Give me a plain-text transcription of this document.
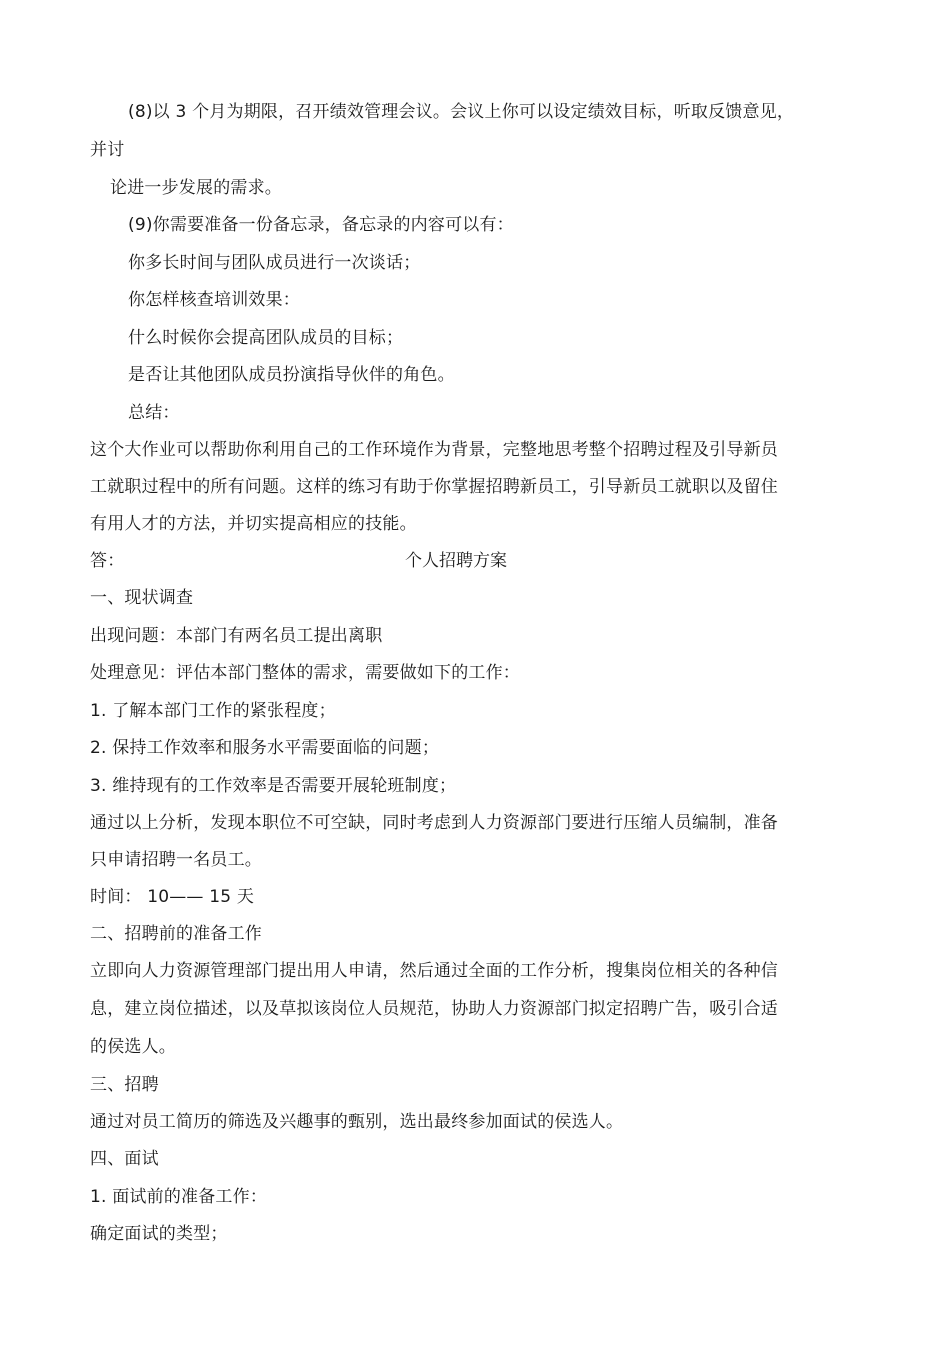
(8)以 3 个月为期限，召开绩效管理会议。会议上你可以设定绩效目标，听取反馈意见，
并讨
论进一步发展的需求。
(9)你需要准备一份备忘录，备忘录的内容可以有：
你多长时间与团队成员进行一次谈话；
你怎样核查培训效果：
什么时候你会提高团队成员的目标；
是否让其他团队成员扮演指导伙伴的角色。
总结：
这个大作业可以帮助你利用自己的工作环境作为背景，完整地思考整个招聘过程及引导新员
工就职过程中的所有问题。这样的练习有助于你掌握招聘新员工，引导新员工就职以及留住
有用人才的方法，并切实提高相应的技能。
答：	个人招聘方案
一、现状调查
出现问题：本部门有两名员工提出离职
处理意见：评估本部门整体的需求，需要做如下的工作：
1. 了解本部门工作的紧张程度；
2. 保持工作效率和服务水平需要面临的问题；
3. 维持现有的工作效率是否需要开展轮班制度；
通过以上分析，发现本职位不可空缺，同时考虑到人力资源部门要进行压缩人员编制，准备
只申请招聘一名员工。
时间： 10—— 15 天
二、招聘前的准备工作
立即向人力资源管理部门提出用人申请，然后通过全面的工作分析，搜集岗位相关的各种信
息，建立岗位描述，以及草拟该岗位人员规范，协助人力资源部门拟定招聘广告，吸引合适
的侯选人。
三、招聘
通过对员工简历的筛选及兴趣事的甄别，选出最终参加面试的侯选人。
四、面试
1. 面试前的准备工作：
确定面试的类型；
